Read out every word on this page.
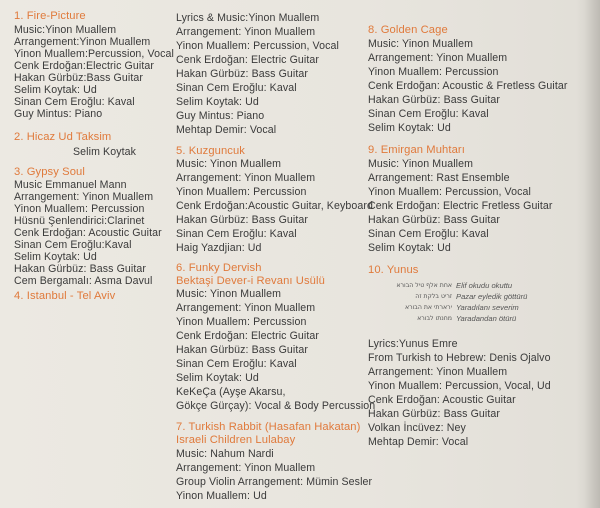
1. Fire-Picture
Music:Yinon Muallem
Arrangement:Yinon Muallem
Yinon Muallem:Percussion, Vocal
Cenk Erdoğan:Electric Guitar
Hakan Gürbüz:Bass Guitar
Selim Koytak: Ud
Sinan Cem Eroğlu: Kaval
Guy Mintus: Piano
2. Hicaz Ud Taksim
Selim Koytak
3. Gypsy Soul
Music Emmanuel Mann
Arrangement: Yinon Muallem
Yinon Muallem: Percussion
Hüsnü Şenlendirici:Clarinet
Cenk Erdoğan: Acoustic Guitar
Sinan Cem Eroğlu:Kaval
Selim Koytak: Ud
Hakan Gürbüz: Bass Guitar
Cem Bergamalı: Asma Davul
4. Istanbul - Tel Aviv
Lyrics & Music:Yinon Muallem
Arrangement: Yinon Muallem
Yinon Muallem: Percussion, Vocal
Cenk Erdoğan: Electric Guitar
Hakan Gürbüz: Bass Guitar
Sinan Cem Eroğlu: Kaval
Selim Koytak: Ud
Guy Mintus: Piano
Mehtap Demir: Vocal
5. Kuzguncuk
Music: Yinon Muallem
Arrangement: Yinon Muallem
Yinon Muallem: Percussion
Cenk Erdoğan:Acoustic Guitar, Keyboard
Hakan Gürbüz: Bass Guitar
Sinan Cem Eroğlu: Kaval
Haig Yazdjian: Ud
6. Funky Dervish
Bektaşi Dever-i Revanı Usülü
Music: Yinon Muallem
Arrangement: Yinon Muallem
Yinon Muallem: Percussion
Cenk Erdoğan: Electric Guitar
Hakan Gürbüz: Bass Guitar
Sinan Cem Eroğlu: Kaval
Selim Koytak: Ud
KeKeÇa (Ayşe Akarsu,
Gökçe Gürçay): Vocal & Body Percussion
7. Turkish Rabbit (Hasafan Hakatan)
Israeli Children Lulabay
Music: Nahum Nardi
Arrangement: Yinon Muallem
Group Violin Arrangement: Mümin Sesler
Yinon Muallem: Ud
8. Golden Cage
Music: Yinon Muallem
Arrangement: Yinon Muallem
Yinon Muallem: Percussion
Cenk Erdoğan: Acoustic & Fretless Guitar
Hakan Gürbüz: Bass Guitar
Sinan Cem Eroğlu: Kaval
Selim Koytak: Ud
9. Emirgan Muhtarı
Music: Yinon Muallem
Arrangement: Rast Ensemble
Yinon Muallem: Percussion, Vocal
Cenk Erdoğan: Electric Fretless Guitar
Hakan Gürbüz: Bass Guitar
Sinan Cem Eroğlu: Kaval
Selim Koytak: Ud
10. Yunus
אחת אלף טיל הבורא
זריט בלקת זה
ירארתי את הבורא
מחנתו לבורא
Elif okudu okuttu
Pazar eyledik göttürü
Yaradılanı severim
Yaradandan ötürü
Lyrics:Yunus Emre
From Turkish to Hebrew: Denis Ojalvo
Arrangement: Yinon Muallem
Yinon Muallem: Percussion, Vocal, Ud
Cenk Erdoğan: Acoustic Guitar
Hakan Gürbüz: Bass Guitar
Volkan İncüvez: Ney
Mehtap Demir: Vocal
